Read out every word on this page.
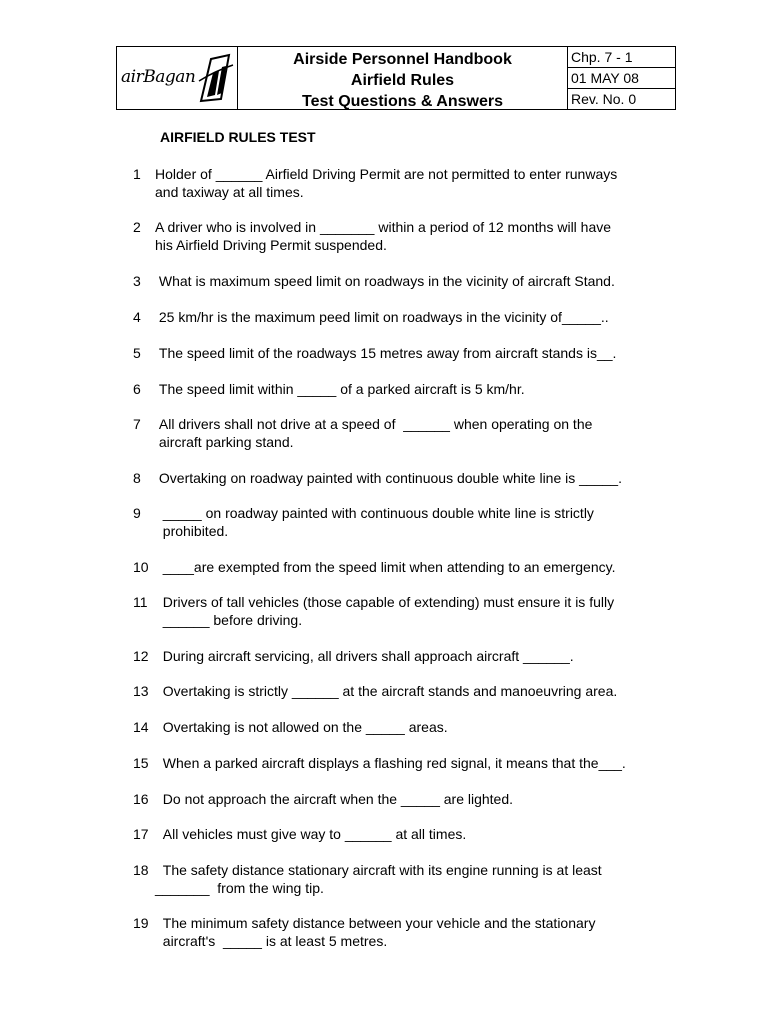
airBagan
Airside Personnel Handbook
Airfield Rules
Test Questions & Answers
Chp. 7 - 1
01 MAY 08
Rev. No. 0
AIRFIELD RULES TEST
1	Holder of ______ Airfield Driving Permit are not permitted to enter runways
and taxiway at all times.
2	A driver who is involved in _______ within a period of 12 months will have
his Airfield Driving Permit suspended.
3	What is maximum speed limit on roadways in the vicinity of aircraft Stand.
4	25 km/hr is the maximum peed limit on roadways in the vicinity of_____..
5	The speed limit of the roadways 15 metres away from aircraft stands is__.
6	The speed limit within _____ of a parked aircraft is 5 km/hr.
7	All drivers shall not drive at a speed of  ______ when operating on the
aircraft parking stand.
8	Overtaking on roadway painted with continuous double white line is _____.
9	_____ on roadway painted with continuous double white line is strictly
prohibited.
10 ____are exempted from the speed limit when attending to an emergency.
11	Drivers of tall vehicles (those capable of extending) must ensure it is fully
______ before driving.
12 During aircraft servicing, all drivers shall approach aircraft ______.
13 Overtaking is strictly ______ at the aircraft stands and manoeuvring area.
14 Overtaking is not allowed on the _____ areas.
15 When a parked aircraft displays a flashing red signal, it means that the___.
16 Do not approach the aircraft when the _____ are lighted.
17 All vehicles must give way to ______ at all times.
18	The safety distance stationary aircraft with its engine running is at least
_______  from the wing tip.
19	The minimum safety distance between your vehicle and the stationary
aircraft's  _____ is at least 5 metres.
